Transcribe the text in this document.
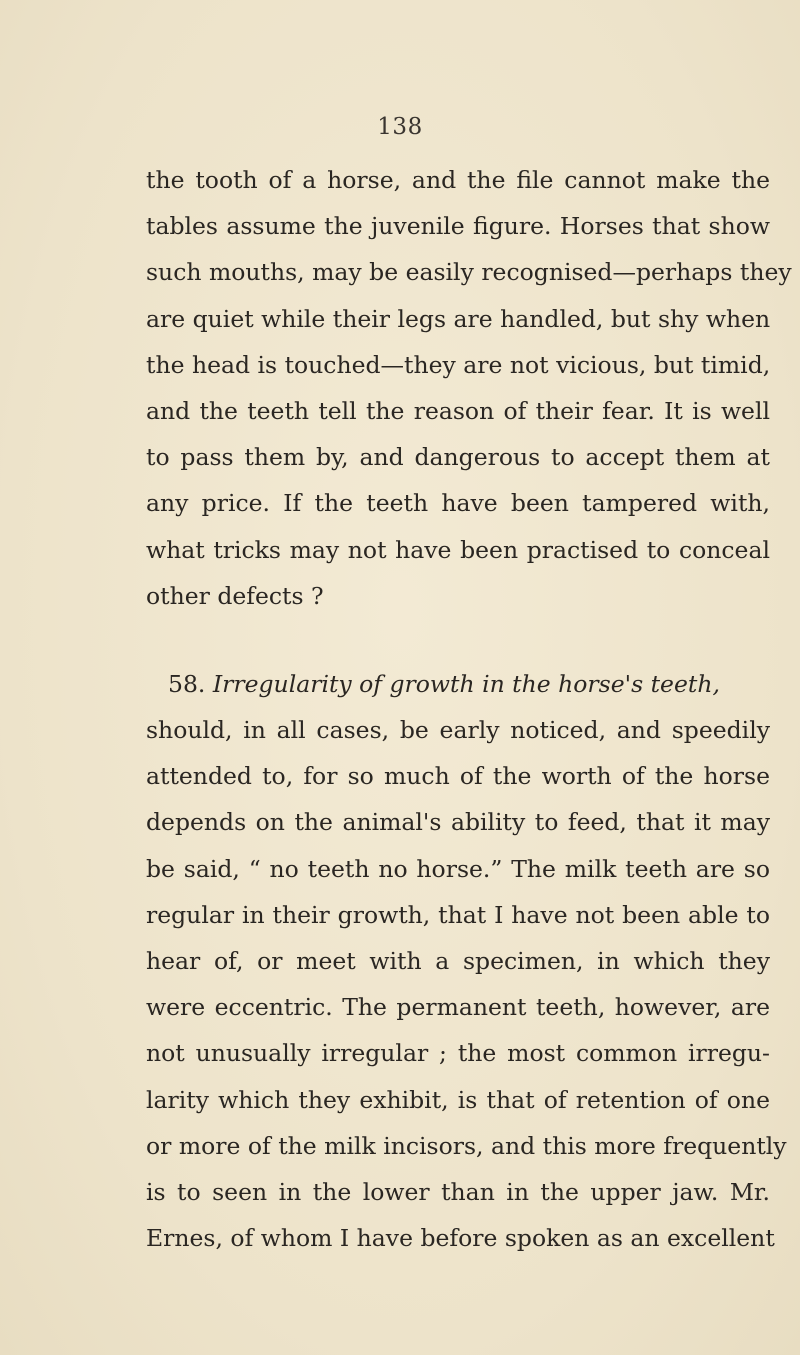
138
the tooth of a horse, and the file cannot make the
tables assume the juvenile figure. Horses that show
such mouths, may be easily recognised—perhaps they
are quiet while their legs are handled, but shy when
the head is touched—they are not vicious, but timid,
and the teeth tell the reason of their fear. It is well
to pass them by, and dangerous to accept them at
any price. If the teeth have been tampered with,
what tricks may not have been practised to conceal
other defects ?
58. Irregularity of growth in the horse's teeth,
should, in all cases, be early noticed, and speedily
attended to, for so much of the worth of the horse
depends on the animal's ability to feed, that it may
be said, “ no teeth no horse.” The milk teeth are so
regular in their growth, that I have not been able to
hear of, or meet with a specimen, in which they
were eccentric. The permanent teeth, however, are
not unusually irregular ; the most common irregu-
larity which they exhibit, is that of retention of one
or more of the milk incisors, and this more frequently
is to seen in the lower than in the upper jaw. Mr.
Ernes, of whom I have before spoken as an excellent
